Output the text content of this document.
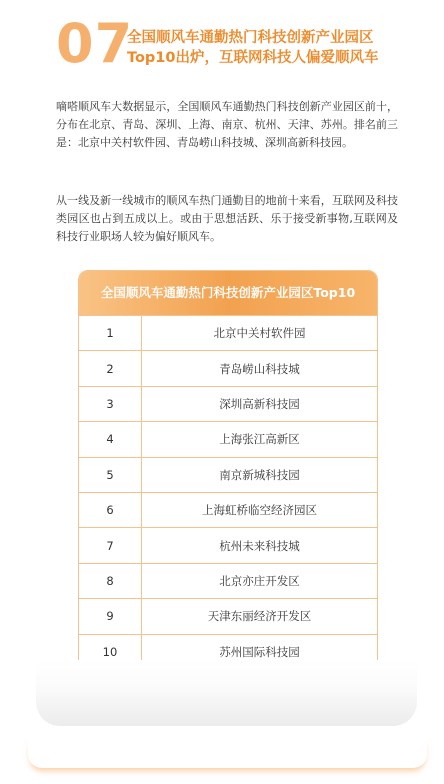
07
全国顺风车通勤热门科技创新产业园区
Top10出炉，互联网科技人偏爱顺风车
嘀嗒顺风车大数据显示，全国顺风车通勤热门科技创新产业园区前十，分布在北京、青岛、深圳、上海、南京、杭州、天津、苏州。排名前三是：北京中关村软件园、青岛崂山科技城、深圳高新科技园。
从一线及新一线城市的顺风车热门通勤目的地前十来看，互联网及科技类园区也占到五成以上。或由于思想活跃、乐于接受新事物,互联网及科技行业职场人较为偏好顺风车。
全国顺风车通勤热门科技创新产业园区Top10
1	北京中关村软件园
2	青岛崂山科技城
3	深圳高新科技园
4	上海张江高新区
5	南京新城科技园
6	上海虹桥临空经济园区
7	杭州未来科技城
8	北京亦庄开发区
9	天津东丽经济开发区
10	苏州国际科技园
